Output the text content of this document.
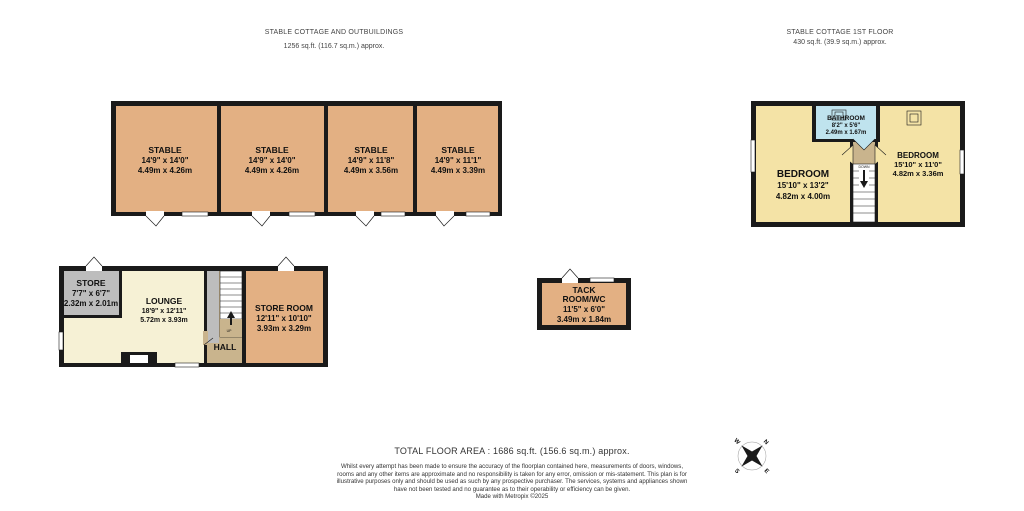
STABLE COTTAGE AND OUTBUILDINGS
1256 sq.ft. (116.7 sq.m.) approx.
STABLE COTTAGE 1ST FLOOR
430 sq.ft. (39.9 sq.m.) approx.
STABLE
14'9" x 14'0"
4.49m x 4.26m
STABLE
14'9" x 14'0"
4.49m x 4.26m
STABLE
14'9" x 11'8"
4.49m x 3.56m
STABLE
14'9" x 11'1"
4.49m x 3.39m
UP
STORE
7'7" x 6'7"
2.32m x 2.01m	LOUNGE
18'9" x 12'11"
5.72m x 3.93m
HALL
STORE ROOM
12'11" x 10'10"
3.93m x 3.29m
TACK
ROOM/WC
11'5" x 6'0"
3.49m x 1.84m
DOWN
BATHROOM
8'2" x 5'6"
2.49m x 1.67m
BEDROOM
15'10" x 13'2"
4.82m x 4.00m
BEDROOM
15'10" x 11'0"
4.82m x 3.36m
N
S	E
W
TOTAL FLOOR AREA : 1686 sq.ft. (156.6 sq.m.) approx.
Whilst every attempt has been made to ensure the accuracy of the floorplan contained here, measurements of doors, windows, rooms and any other items are approximate and no responsibility is taken for any error, omission or mis-statement. This plan is for illustrative purposes only and should be used as such by any prospective purchaser. The services, systems and appliances shown have not been tested and no guarantee as to their operability or efficiency can be given.
Made with Metropix ©2025
